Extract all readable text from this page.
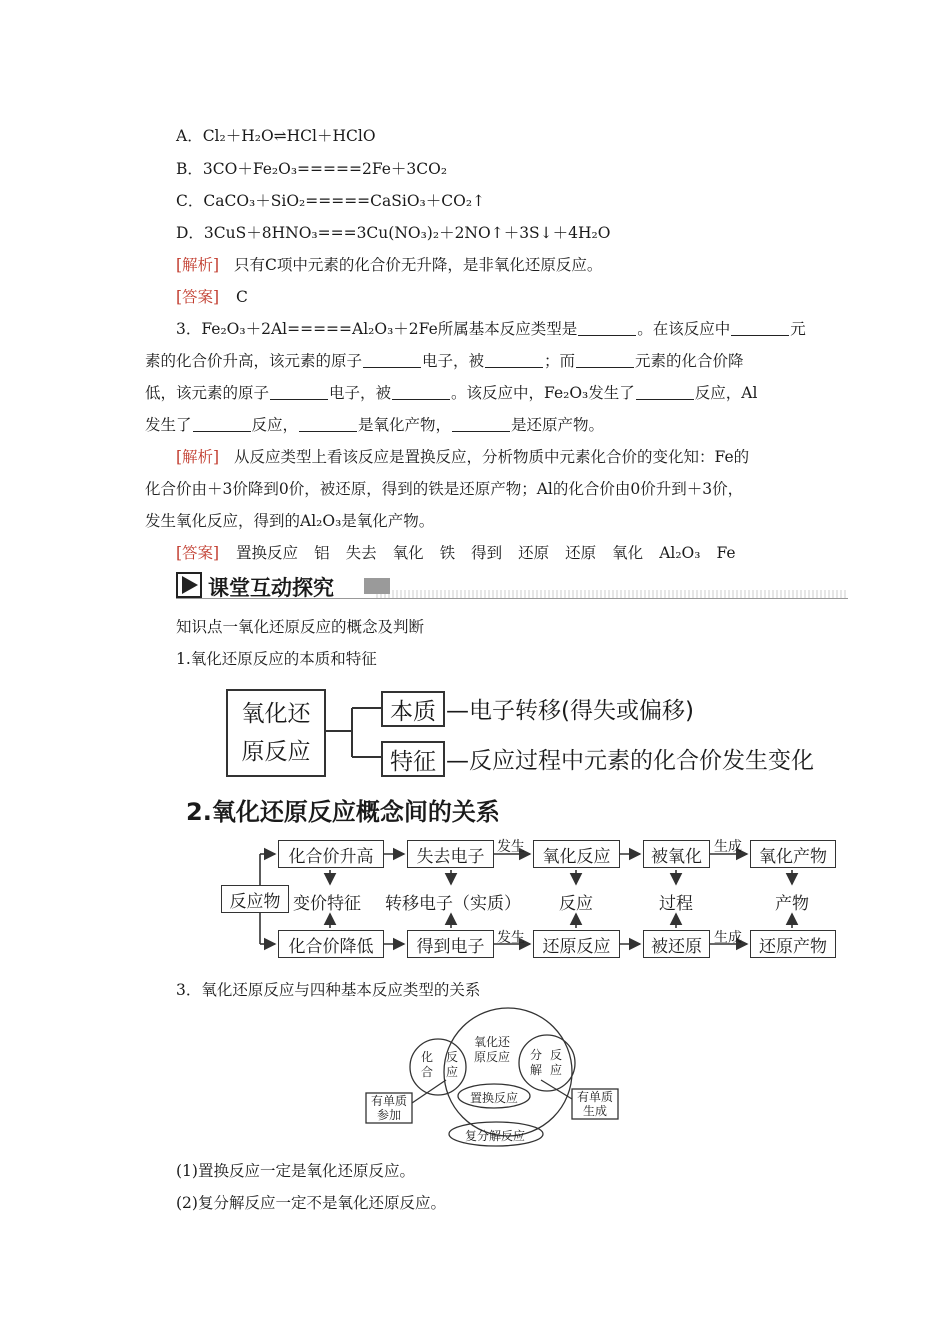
A．Cl₂＋H₂O⇌HCl＋HClO
B．3CO＋Fe₂O₃=====2Fe＋3CO₂
C．CaCO₃＋SiO₂=====CaSiO₃＋CO₂↑
D．3CuS＋8HNO₃===3Cu(NO₃)₂＋2NO↑＋3S↓＋4H₂O
[解析] 只有C项中元素的化合价无升降，是非氧化还原反应。
[答案] C
3．Fe₂O₃＋2Al=====Al₂O₃＋2Fe所属基本反应类型是	。在该反应中	元
素的化合价升高，该元素的原子	电子，被	；而	元素的化合价降
低，该元素的原子	电子，被	。该反应中，Fe₂O₃发生了	反应，Al
发生了	反应，	是氧化产物，	是还原产物。
[解析] 从反应类型上看该反应是置换反应，分析物质中元素化合价的变化知：Fe的
化合价由＋3价降到0价，被还原，得到的铁是还原产物；Al的化合价由0价升到＋3价，
发生氧化反应，得到的Al₂O₃是氧化产物。
[答案] 置换反应 铝 失去 氧化 铁 得到 还原 还原 氧化 Al₂O₃ Fe
课堂互动探究
知识点一氧化还原反应的概念及判断
1.氧化还原反应的本质和特征
氧化还
原反应
本质 —电子转移(得失或偏移)
特征 —反应过程中元素的化合价发生变化
2.氧化还原反应概念间的关系
反应物
化合价升高	失去电子	氧化反应	被氧化	氧化产物
化合价降低	得到电子	还原反应	被还原	还原产物
变价特征 转移电子（实质） 反应	过程	产物
发生	生成
发生	生成
3．氧化还原反应与四种基本反应类型的关系
氧化还
原反应
化
合
反
应
分
解
反
应
置换反应
复分解反应
有单质
参加
有单质
生成
(1)置换反应一定是氧化还原反应。
(2)复分解反应一定不是氧化还原反应。
